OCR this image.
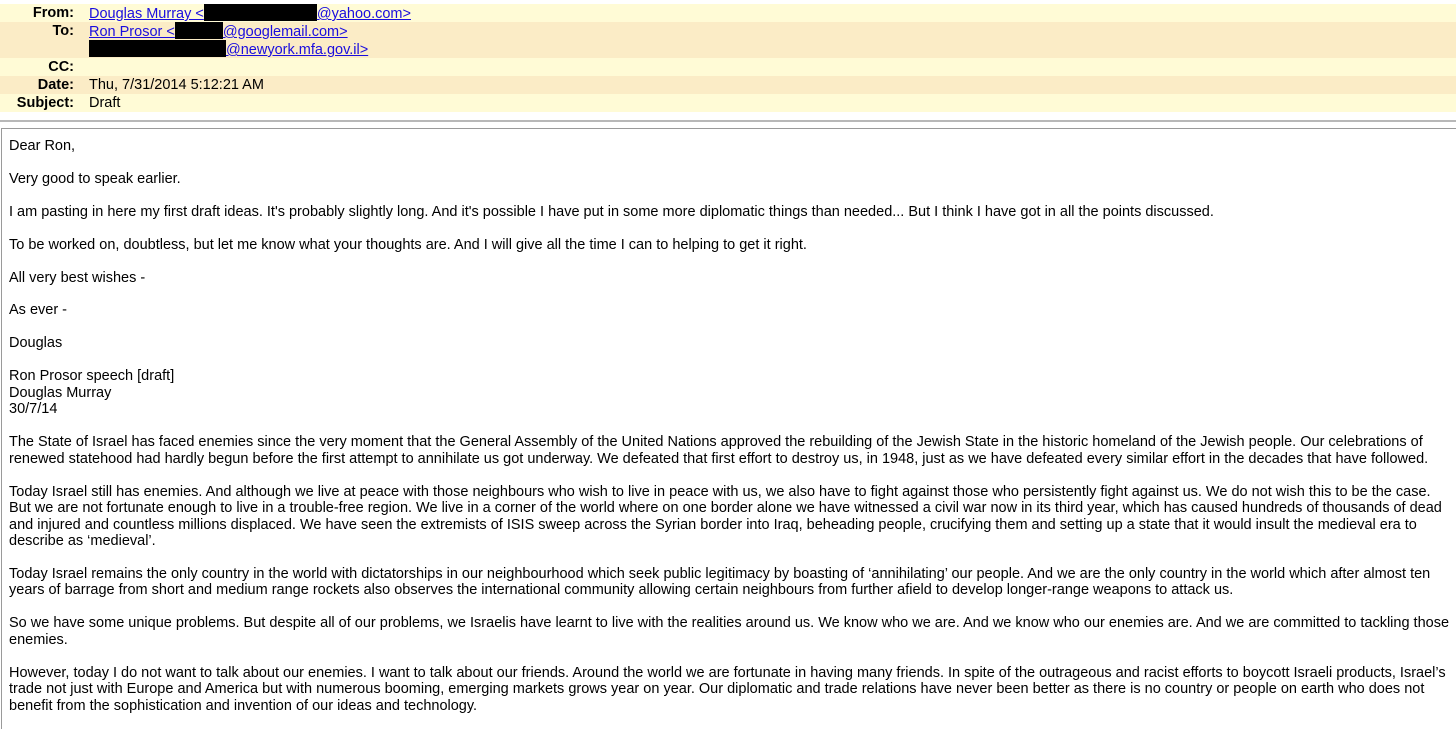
From: Douglas Murray <	@yahoo.com>
To: Ron Prosor <	@googlemail.com>
@newyork.mfa.gov.il>
CC:
Date: Thu, 7/31/2014 5:12:21 AM
Subject: Draft

Dear Ron,

Very good to speak earlier.

I am pasting in here my first draft ideas. It's probably slightly long. And it's possible I have put in some more diplomatic things than needed... But I think I have got in all the points discussed.

To be worked on, doubtless, but let me know what your thoughts are. And I will give all the time I can to helping to get it right.

All very best wishes -

As ever -

Douglas

Ron Prosor speech [draft]
Douglas Murray
30/7/14

The State of Israel has faced enemies since the very moment that the General Assembly of the United Nations approved the rebuilding of the Jewish State in the historic homeland of the Jewish people. Our celebrations of renewed statehood had hardly begun before the first attempt to annihilate us got underway. We defeated that first effort to destroy us, in 1948, just as we have defeated every similar effort in the decades that have followed.

Today Israel still has enemies. And although we live at peace with those neighbours who wish to live in peace with us, we also have to fight against those who persistently fight against us. We do not wish this to be the case. But we are not fortunate enough to live in a trouble-free region. We live in a corner of the world where on one border alone we have witnessed a civil war now in its third year, which has caused hundreds of thousands of dead and injured and countless millions displaced. We have seen the extremists of ISIS sweep across the Syrian border into Iraq, beheading people, crucifying them and setting up a state that it would insult the medieval era to describe as ‘medieval’.

Today Israel remains the only country in the world with dictatorships in our neighbourhood which seek public legitimacy by boasting of ‘annihilating’ our people. And we are the only country in the world which after almost ten years of barrage from short and medium range rockets also observes the international community allowing certain neighbours from further afield to develop longer-range weapons to attack us.

So we have some unique problems. But despite all of our problems, we Israelis have learnt to live with the realities around us. We know who we are. And we know who our enemies are. And we are committed to tackling those enemies.

However, today I do not want to talk about our enemies. I want to talk about our friends. Around the world we are fortunate in having many friends. In spite of the outrageous and racist efforts to boycott Israeli products, Israel’s trade not just with Europe and America but with numerous booming, emerging markets grows year on year. Our diplomatic and trade relations have never been better as there is no country or people on earth who does not benefit from the sophistication and invention of our ideas and technology.
